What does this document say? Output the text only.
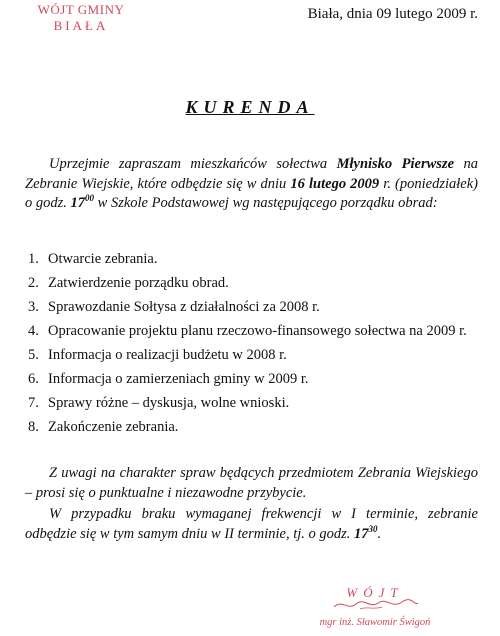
WÓJT GMINY
BIAŁA
Biała, dnia 09 lutego 2009 r.
KURENDA
Uprzejmie zapraszam mieszkańców sołectwa Młynisko Pierwsze na Zebranie Wiejskie, które odbędzie się w dniu 16 lutego 2009 r. (poniedziałek) o godz. $17^{00}$ w Szkole Podstawowej wg następującego porządku obrad:
1. Otwarcie zebrania.
2. Zatwierdzenie porządku obrad.
3. Sprawozdanie Sołtysa z działalności za 2008 r.
4. Opracowanie projektu planu rzeczowo-finansowego sołectwa na 2009 r.
5. Informacja o realizacji budżetu w 2008 r.
6. Informacja o zamierzeniach gminy w 2009 r.
7. Sprawy różne – dyskusja, wolne wnioski.
8. Zakończenie zebrania.
Z uwagi na charakter spraw będących przedmiotem Zebrania Wiejskiego – prosi się o punktualne i niezawodne przybycie.
W przypadku braku wymaganej frekwencji w I terminie, zebranie odbędzie się w tym samym dniu w II terminie, tj. o godz. $17^{30}$.
WÓJT
mgr inż. Sławomir Świgoń
